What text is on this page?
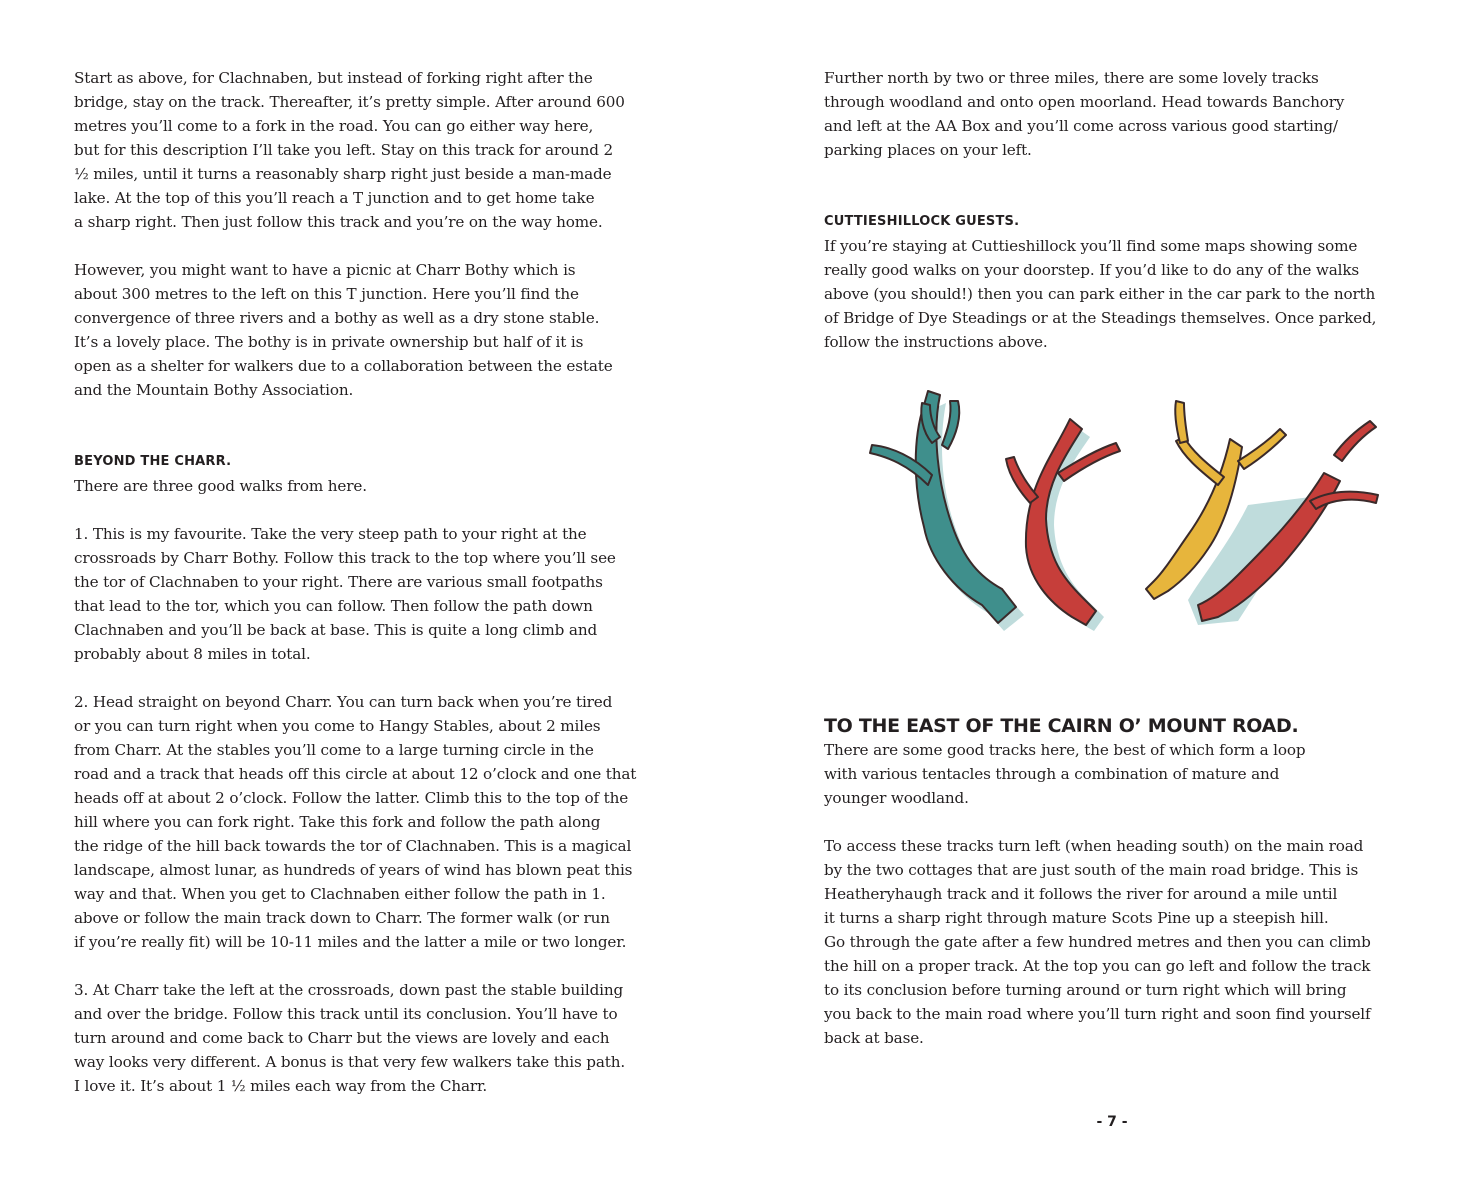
Start as above, for Clachnaben, but instead of forking right after the
bridge, stay on the track. Thereafter, it’s pretty simple. After around 600
metres you’ll come to a fork in the road. You can go either way here,
but for this description I’ll take you left. Stay on this track for around 2
½ miles, until it turns a reasonably sharp right just beside a man-made
lake. At the top of this you’ll reach a T junction and to get home take
a sharp right. Then just follow this track and you’re on the way home.

However, you might want to have a picnic at Charr Bothy which is
about 300 metres to the left on this T junction. Here you’ll find the
convergence of three rivers and a bothy as well as a dry stone stable.
It’s a lovely place. The bothy is in private ownership but half of it is
open as a shelter for walkers due to a collaboration between the estate
and the Mountain Bothy Association.

BEYOND THE CHARR.

There are three good walks from here.

1. This is my favourite. Take the very steep path to your right at the
crossroads by Charr Bothy. Follow this track to the top where you’ll see
the tor of Clachnaben to your right. There are various small footpaths
that lead to the tor, which you can follow. Then follow the path down
Clachnaben and you’ll be back at base. This is quite a long climb and
probably about 8 miles in total.

2. Head straight on beyond Charr. You can turn back when you’re tired
or you can turn right when you come to Hangy Stables, about 2 miles
from Charr. At the stables you’ll come to a large turning circle in the
road and a track that heads off this circle at about 12 o’clock and one that
heads off at about 2 o’clock. Follow the latter. Climb this to the top of the
hill where you can fork right. Take this fork and follow the path along
the ridge of the hill back towards the tor of Clachnaben. This is a magical
landscape, almost lunar, as hundreds of years of wind has blown peat this
way and that. When you get to Clachnaben either follow the path in 1.
above or follow the main track down to Charr. The former walk (or run
if you’re really fit) will be 10-11 miles and the latter a mile or two longer.

3. At Charr take the left at the crossroads, down past the stable building
and over the bridge. Follow this track until its conclusion. You’ll have to
turn around and come back to Charr but the views are lovely and each
way looks very different. A bonus is that very few walkers take this path.
I love it. It’s about 1 ½ miles each way from the Charr.

Further north by two or three miles, there are some lovely tracks
through woodland and onto open moorland. Head towards Banchory
and left at the AA Box and you’ll come across various good starting/
parking places on your left.

CUTTIESHILLOCK GUESTS.

If you’re staying at Cuttieshillock you’ll find some maps showing some
really good walks on your doorstep. If you’d like to do any of the walks
above (you should!) then you can park either in the car park to the north
of Bridge of Dye Steadings or at the Steadings themselves. Once parked,
follow the instructions above.

TO THE EAST OF THE CAIRN O’ MOUNT ROAD.

There are some good tracks here, the best of which form a loop
with various tentacles through a combination of mature and
younger woodland.

To access these tracks turn left (when heading south) on the main road
by the two cottages that are just south of the main road bridge. This is
Heatheryhaugh track and it follows the river for around a mile until
it turns a sharp right through mature Scots Pine up a steepish hill.
Go through the gate after a few hundred metres and then you can climb
the hill on a proper track. At the top you can go left and follow the track
to its conclusion before turning around or turn right which will bring
you back to the main road where you’ll turn right and soon find yourself
back at base.

- 7 -
